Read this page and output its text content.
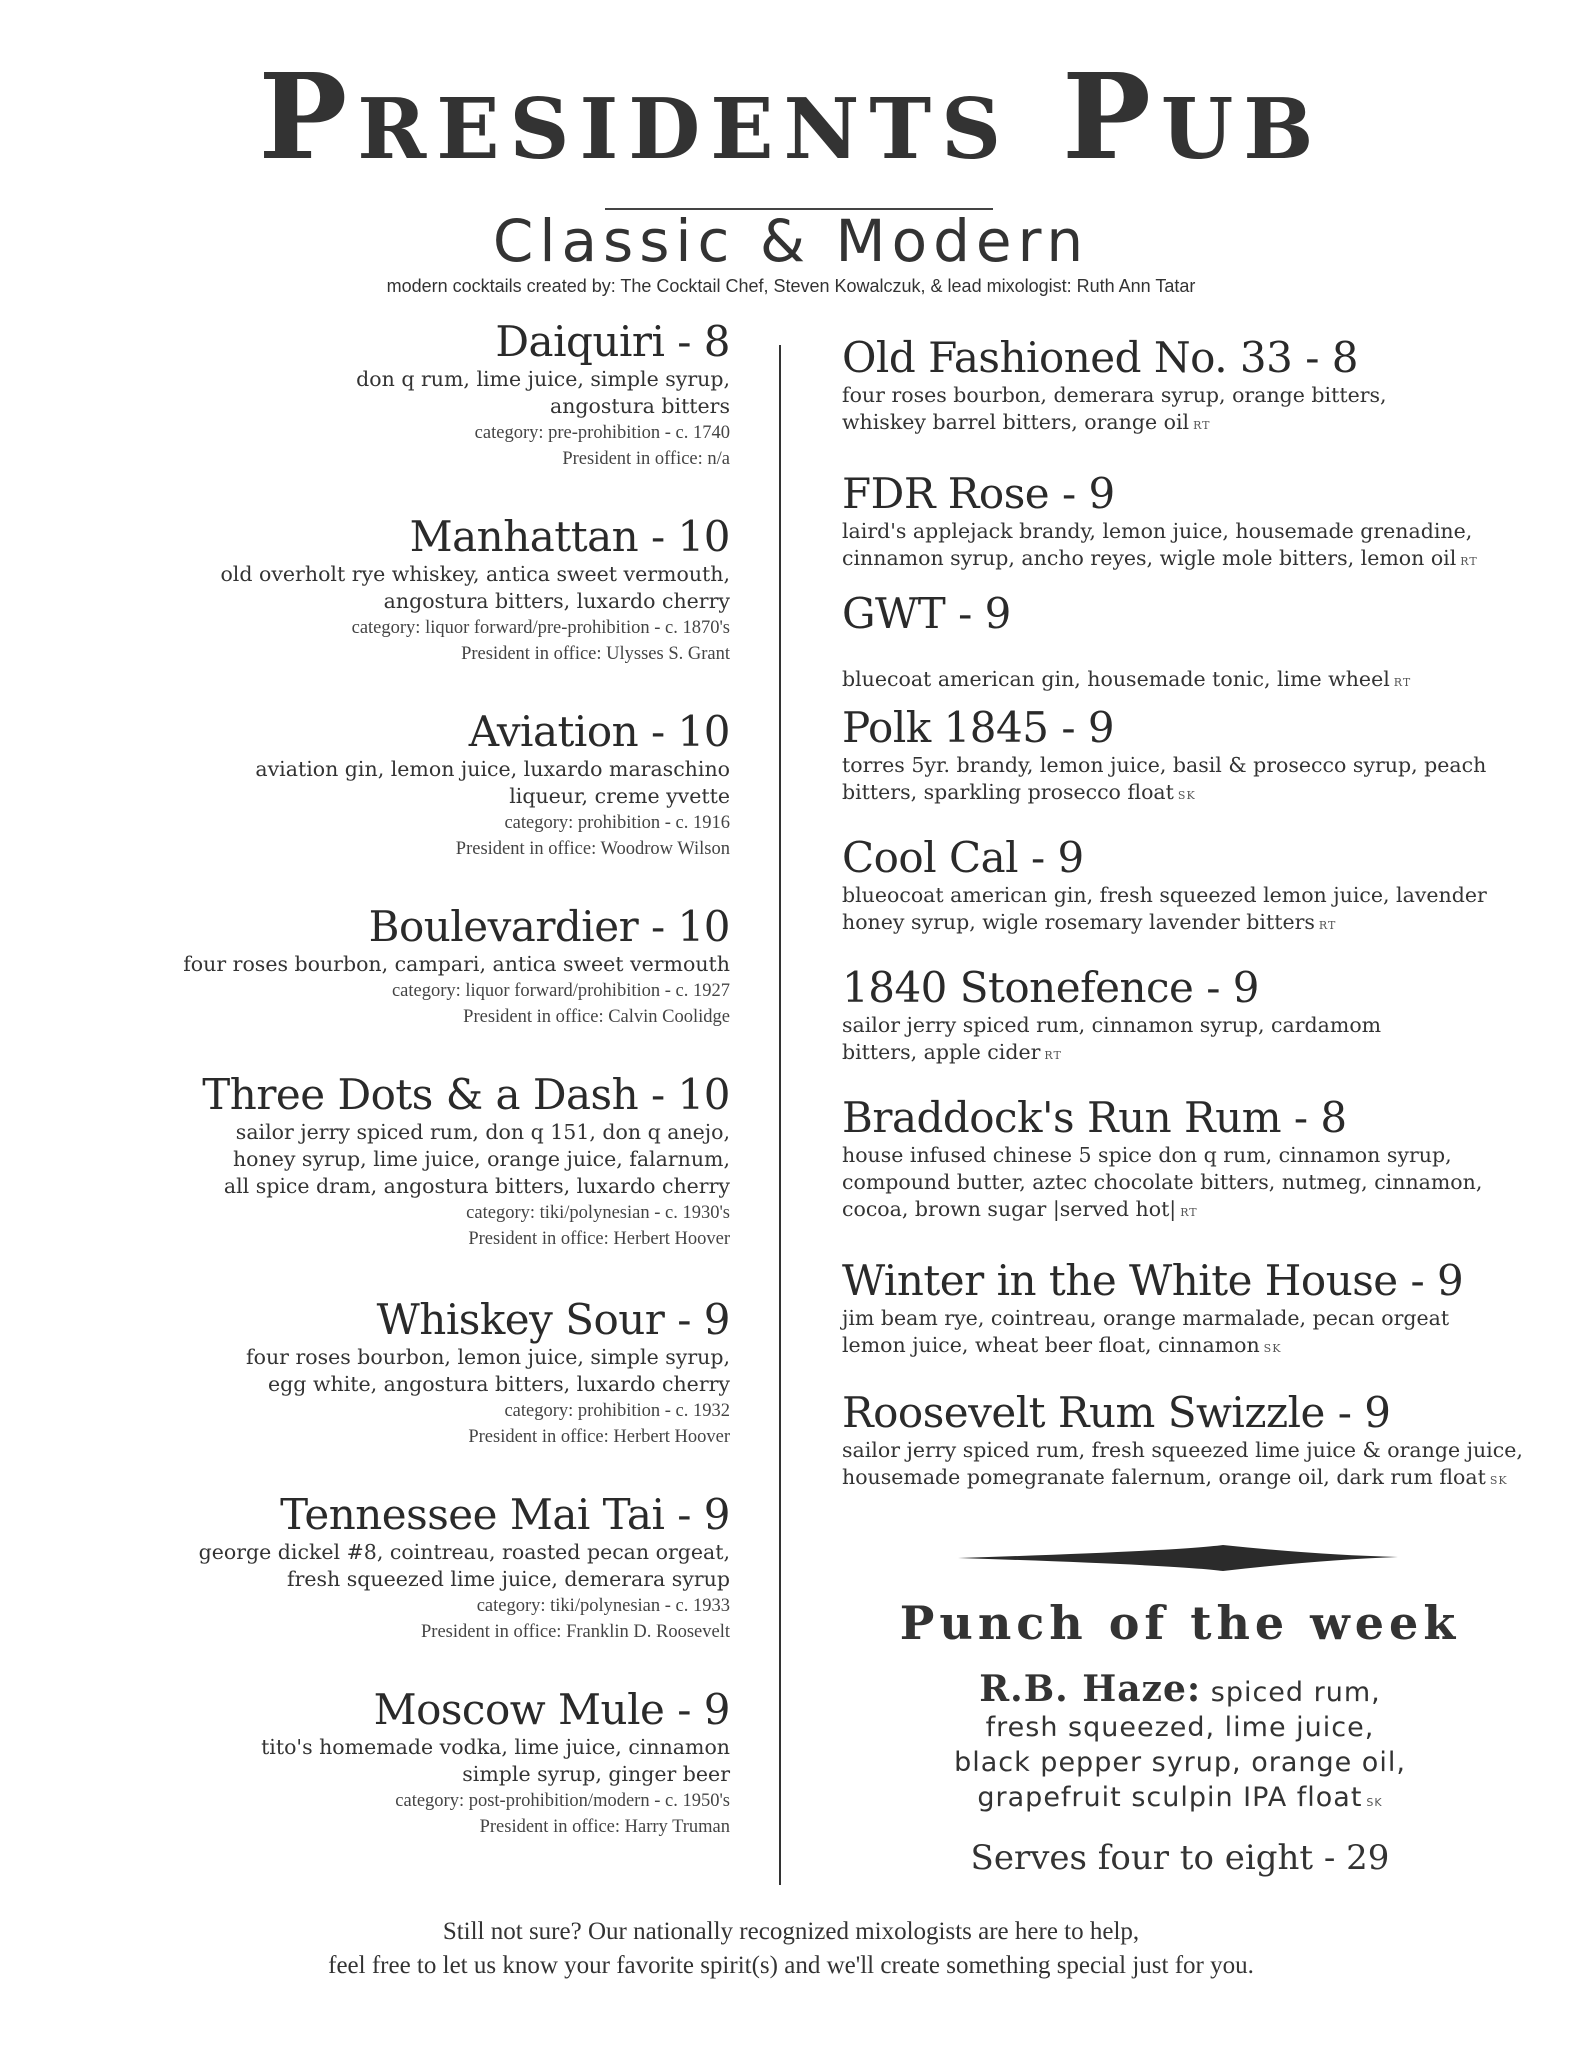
Presidents Pub
Classic & Modern
modern cocktails created by: The Cocktail Chef, Steven Kowalczuk, & lead mixologist: Ruth Ann Tatar
Daiquiri - 8
don q rum, lime juice, simple syrup,
angostura bitters
category: pre-prohibition - c. 1740
President in office: n/a
Manhattan - 10
old overholt rye whiskey, antica sweet vermouth,
angostura bitters, luxardo cherry
category: liquor forward/pre-prohibition - c. 1870's
President in office: Ulysses S. Grant
Aviation - 10
aviation gin, lemon juice, luxardo maraschino
liqueur, creme yvette
category: prohibition - c. 1916
President in office: Woodrow Wilson
Boulevardier - 10
four roses bourbon, campari, antica sweet vermouth
category: liquor forward/prohibition - c. 1927
President in office: Calvin Coolidge
Three Dots & a Dash - 10
sailor jerry spiced rum, don q 151, don q anejo,
honey syrup, lime juice, orange juice, falarnum,
all spice dram, angostura bitters, luxardo cherry
category: tiki/polynesian - c. 1930's
President in office: Herbert Hoover
Whiskey Sour - 9
four roses bourbon, lemon juice, simple syrup,
egg white, angostura bitters, luxardo cherry
category: prohibition - c. 1932
President in office: Herbert Hoover
Tennessee Mai Tai - 9
george dickel #8, cointreau, roasted pecan orgeat,
fresh squeezed lime juice, demerara syrup
category: tiki/polynesian - c. 1933
President in office: Franklin D. Roosevelt
Moscow Mule - 9
tito's homemade vodka, lime juice, cinnamon
simple syrup, ginger beer
category: post-prohibition/modern - c. 1950's
President in office: Harry Truman
Old Fashioned No. 33 - 8
four roses bourbon, demerara syrup, orange bitters,
whiskey barrel bitters, orange oil RT
FDR Rose - 9
laird's applejack brandy, lemon juice, housemade grenadine,
cinnamon syrup, ancho reyes, wigle mole bitters, lemon oil RT
GWT - 9
bluecoat american gin, housemade tonic, lime wheel RT
Polk 1845 - 9
torres 5yr. brandy, lemon juice, basil & prosecco syrup, peach
bitters, sparkling prosecco float SK
Cool Cal - 9
blueocoat american gin, fresh squeezed lemon juice, lavender
honey syrup, wigle rosemary lavender bitters RT
1840 Stonefence - 9
sailor jerry spiced rum, cinnamon syrup, cardamom
bitters, apple cider RT
Braddock's Run Rum - 8
house infused chinese 5 spice don q rum, cinnamon syrup,
compound butter, aztec chocolate bitters, nutmeg, cinnamon,
cocoa, brown sugar |served hot| RT
Winter in the White House - 9
jim beam rye, cointreau, orange marmalade, pecan orgeat
lemon juice, wheat beer float, cinnamon SK
Roosevelt Rum Swizzle - 9
sailor jerry spiced rum, fresh squeezed lime juice & orange juice,
housemade pomegranate falernum, orange oil, dark rum float SK
Punch of the week
R.B. Haze: spiced rum,
fresh squeezed, lime juice,
black pepper syrup, orange oil,
grapefruit sculpin IPA float SK
Serves four to eight - 29
Still not sure? Our nationally recognized mixologists are here to help,
feel free to let us know your favorite spirit(s) and we'll create something special just for you.
